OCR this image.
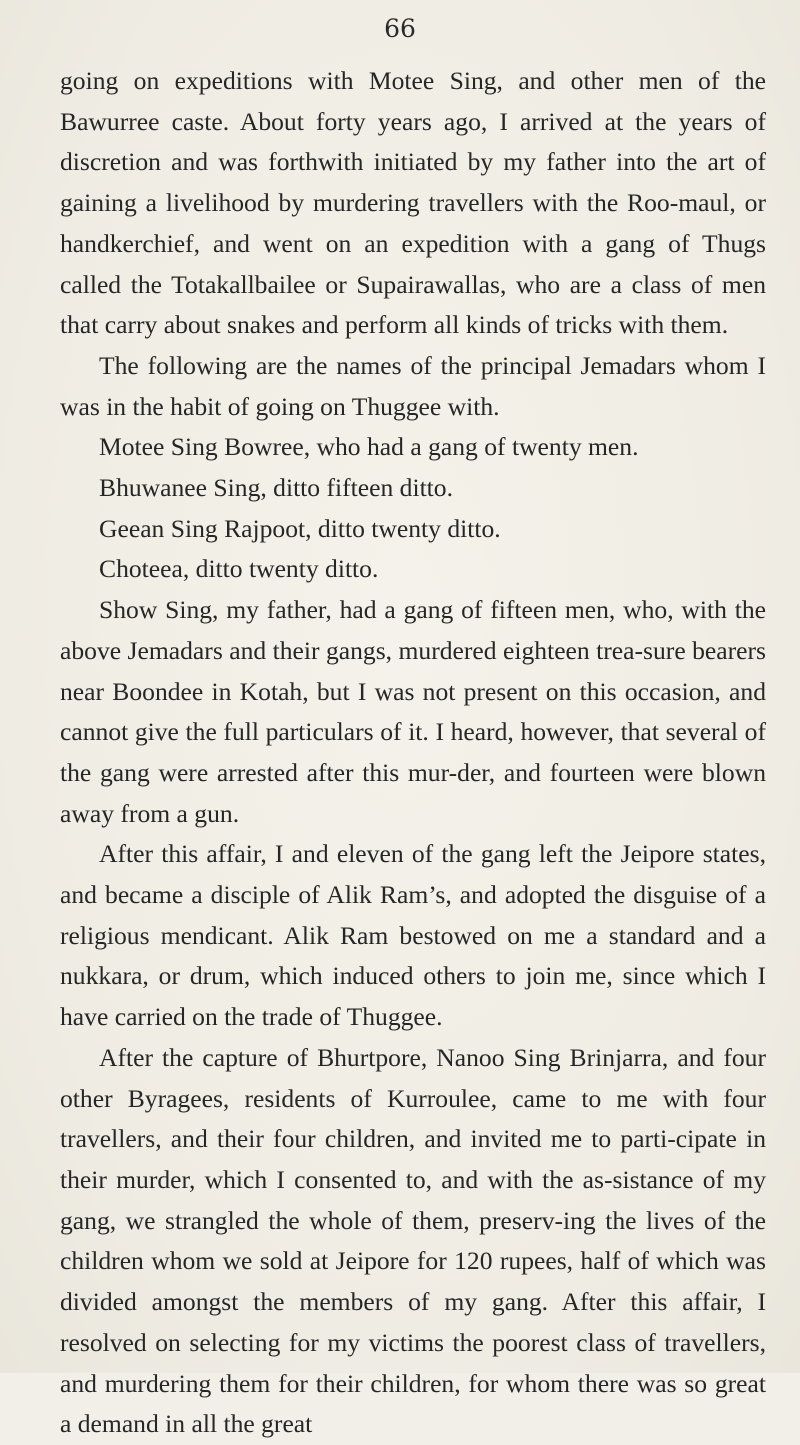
66

going on expeditions with Motee Sing, and other men of the Bawurree caste. About forty years ago, I arrived at the years of discretion and was forthwith initiated by my father into the art of gaining a livelihood by murdering travellers with the Roo-maul, or handkerchief, and went on an expedition with a gang of Thugs called the Totakallbailee or Supairawallas, who are a class of men that carry about snakes and perform all kinds of tricks with them.

The following are the names of the principal Jemadars whom I was in the habit of going on Thuggee with.

Motee Sing Bowree, who had a gang of twenty men.

Bhuwanee Sing, ditto fifteen ditto.

Geean Sing Rajpoot, ditto twenty ditto.

Choteea, ditto twenty ditto.

Show Sing, my father, had a gang of fifteen men, who, with the above Jemadars and their gangs, murdered eighteen trea-sure bearers near Boondee in Kotah, but I was not present on this occasion, and cannot give the full particulars of it. I heard, however, that several of the gang were arrested after this mur-der, and fourteen were blown away from a gun.

After this affair, I and eleven of the gang left the Jeipore states, and became a disciple of Alik Ram’s, and adopted the disguise of a religious mendicant. Alik Ram bestowed on me a standard and a nukkara, or drum, which induced others to join me, since which I have carried on the trade of Thuggee.

After the capture of Bhurtpore, Nanoo Sing Brinjarra, and four other Byragees, residents of Kurroulee, came to me with four travellers, and their four children, and invited me to parti-cipate in their murder, which I consented to, and with the as-sistance of my gang, we strangled the whole of them, preserv-ing the lives of the children whom we sold at Jeipore for 120 rupees, half of which was divided amongst the members of my gang. After this affair, I resolved on selecting for my victims the poorest class of travellers, and murdering them for their children, for whom there was so great a demand in all the great
